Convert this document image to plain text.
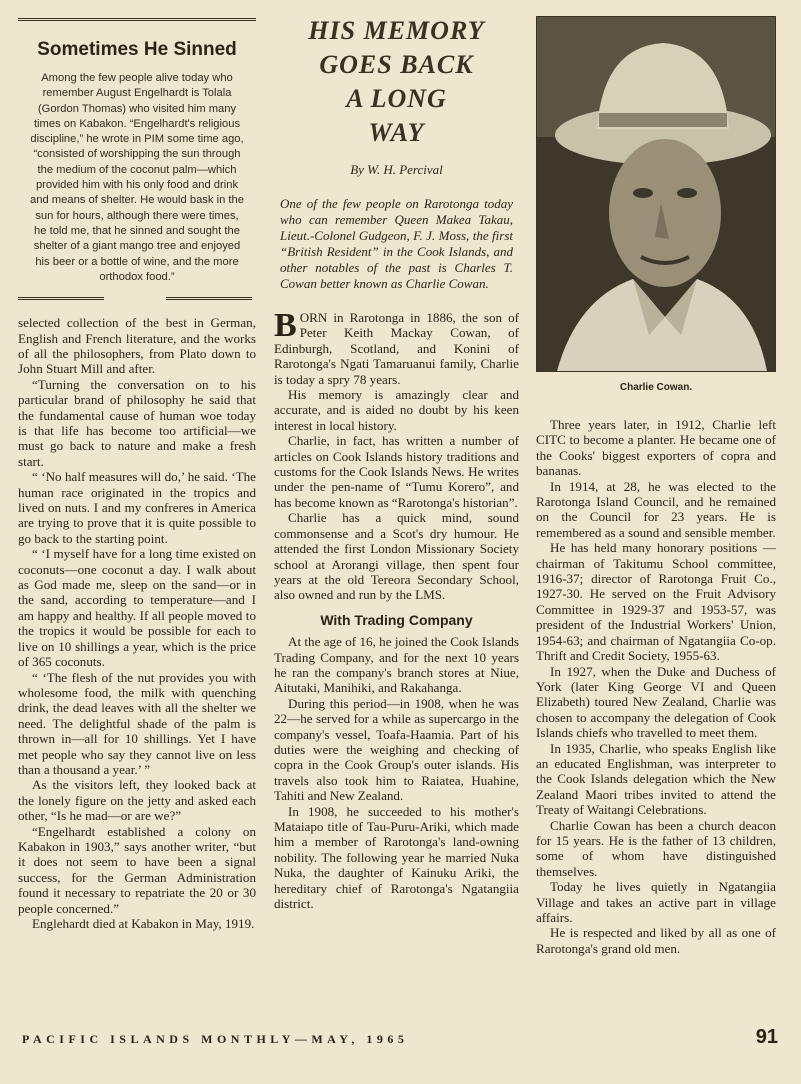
Sometimes He Sinned

Among the few people alive today who remember August Engelhardt is Tolala (Gordon Thomas) who visited him many times on Kabakon. “Engelhardt's religious discipline,” he wrote in PIM some time ago, “consisted of worshipping the sun through the medium of the coconut palm—which provided him with his only food and drink and means of shelter. He would bask in the sun for hours, although there were times, he told me, that he sinned and sought the shelter of a giant mango tree and enjoyed his beer or a bottle of wine, and the more orthodox food.”

selected collection of the best in German, English and French literature, and the works of all the philosophers, from Plato down to John Stuart Mill and after.

“Turning the conversation on to his particular brand of philosophy he said that the fundamental cause of human woe today is that life has become too artificial—we must go back to nature and make a fresh start.

“ ‘No half measures will do,’ he said. ‘The human race originated in the tropics and lived on nuts. I and my confreres in America are trying to prove that it is quite possible to go back to the starting point.

“ ‘I myself have for a long time existed on coconuts—one coconut a day. I walk about as God made me, sleep on the sand—or in the sand, according to temperature—and I am happy and healthy. If all people moved to the tropics it would be possible for each to live on 10 shillings a year, which is the price of 365 coconuts.

“ ‘The flesh of the nut provides you with wholesome food, the milk with quenching drink, the dead leaves with all the shelter we need. The delightful shade of the palm is thrown in—all for 10 shillings. Yet I have met people who say they cannot live on less than a thousand a year.’ ”

As the visitors left, they looked back at the lonely figure on the jetty and asked each other, “Is he mad—or are we?”

“Engelhardt established a colony on Kabakon in 1903,” says another writer, “but it does not seem to have been a signal success, for the German Administration found it necessary to repatriate the 20 or 30 people concerned.”

Englehardt died at Kabakon in May, 1919.

HIS MEMORY
GOES BACK
A LONG
WAY
By W. H. Percival
One of the few people on Rarotonga today who can remember Queen Makea Takau, Lieut.-Colonel Gudgeon, F. J. Moss, the first “British Resident” in the Cook Islands, and other notables of the past is Charles T. Cowan better known as Charlie Cowan.

BORN in Rarotonga in 1886, the son of Peter Keith Mackay Cowan, of Edinburgh, Scotland, and Konini of Rarotonga's Ngati Tamaruanui family, Charlie is today a spry 78 years.

His memory is amazingly clear and accurate, and is aided no doubt by his keen interest in local history.

Charlie, in fact, has written a number of articles on Cook Islands history traditions and customs for the Cook Islands News. He writes under the pen-name of “Tumu Korero”, and has become known as “Rarotonga's historian”.

Charlie has a quick mind, sound commonsense and a Scot's dry humour. He attended the first London Missionary Society school at Arorangi village, then spent four years at the old Tereora Secondary School, also owned and run by the LMS.

With Trading Company

At the age of 16, he joined the Cook Islands Trading Company, and for the next 10 years he ran the company's branch stores at Niue, Aitutaki, Manihiki, and Rakahanga.

During this period—in 1908, when he was 22—he served for a while as supercargo in the company's vessel, Toafa-Haamia. Part of his duties were the weighing and checking of copra in the Cook Group's outer islands. His travels also took him to Raiatea, Huahine, Tahiti and New Zealand.

In 1908, he succeeded to his mother's Mataiapo title of Tau-Puru-Ariki, which made him a member of Rarotonga's land-owning nobility. The following year he married Nuka Nuka, the daughter of Kainuku Ariki, the hereditary chief of Rarotonga's Ngatangiia district.

Charlie Cowan.

Three years later, in 1912, Charlie left CITC to become a planter. He became one of the Cooks' biggest exporters of copra and bananas.

In 1914, at 28, he was elected to the Rarotonga Island Council, and he remained on the Council for 23 years. He is remembered as a sound and sensible member.

He has held many honorary positions — chairman of Takitumu School committee, 1916-37; director of Rarotonga Fruit Co., 1927-30. He served on the Fruit Advisory Committee in 1929-37 and 1953-57, was president of the Industrial Workers' Union, 1954-63; and chairman of Ngatangiia Co-op. Thrift and Credit Society, 1955-63.

In 1927, when the Duke and Duchess of York (later King George VI and Queen Elizabeth) toured New Zealand, Charlie was chosen to accompany the delegation of Cook Islands chiefs who travelled to meet them.

In 1935, Charlie, who speaks English like an educated Englishman, was interpreter to the Cook Islands delegation which the New Zealand Maori tribes invited to attend the Treaty of Waitangi Celebrations.

Charlie Cowan has been a church deacon for 15 years. He is the father of 13 children, some of whom have distinguished themselves.

Today he lives quietly in Ngatangiia Village and takes an active part in village affairs.

He is respected and liked by all as one of Rarotonga's grand old men.

PACIFIC ISLANDS MONTHLY—MAY, 1965	91
